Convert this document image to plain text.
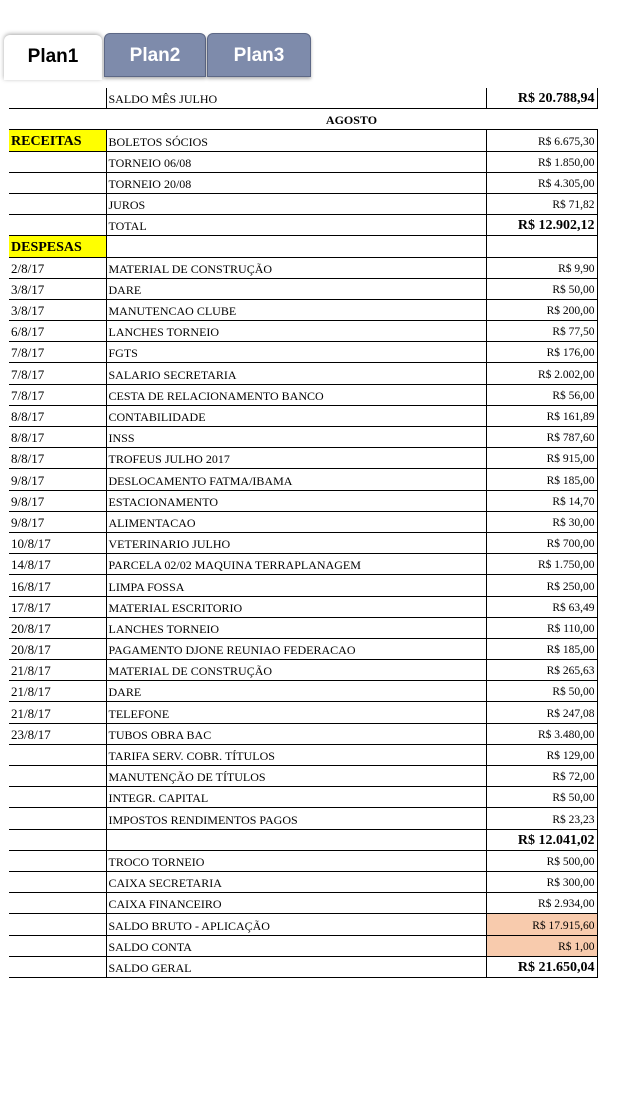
Plan1	Plan2	Plan3
	SALDO MÊS JULHO	R$ 20.788,94
	AGOSTO	
RECEITAS	BOLETOS SÓCIOS	R$ 6.675,30
	TORNEIO 06/08	R$ 1.850,00
	TORNEIO 20/08	R$ 4.305,00
	JUROS	R$ 71,82
	TOTAL	R$ 12.902,12
DESPESAS		
2/8/17	MATERIAL DE CONSTRUÇÃO	R$ 9,90
3/8/17	DARE	R$ 50,00
3/8/17	MANUTENCAO CLUBE	R$ 200,00
6/8/17	LANCHES TORNEIO	R$ 77,50
7/8/17	FGTS	R$ 176,00
7/8/17	SALARIO SECRETARIA	R$ 2.002,00
7/8/17	CESTA DE RELACIONAMENTO BANCO	R$ 56,00
8/8/17	CONTABILIDADE	R$ 161,89
8/8/17	INSS	R$ 787,60
8/8/17	TROFEUS JULHO 2017	R$ 915,00
9/8/17	DESLOCAMENTO FATMA/IBAMA	R$ 185,00
9/8/17	ESTACIONAMENTO	R$ 14,70
9/8/17	ALIMENTACAO	R$ 30,00
10/8/17	VETERINARIO JULHO	R$ 700,00
14/8/17	PARCELA 02/02 MAQUINA TERRAPLANAGEM	R$ 1.750,00
16/8/17	LIMPA FOSSA	R$ 250,00
17/8/17	MATERIAL ESCRITORIO	R$ 63,49
20/8/17	LANCHES TORNEIO	R$ 110,00
20/8/17	PAGAMENTO DJONE REUNIAO FEDERACAO	R$ 185,00
21/8/17	MATERIAL DE CONSTRUÇÃO	R$ 265,63
21/8/17	DARE	R$ 50,00
21/8/17	TELEFONE	R$ 247,08
23/8/17	TUBOS OBRA BAC	R$ 3.480,00
	TARIFA SERV. COBR. TÍTULOS	R$ 129,00
	MANUTENÇÃO DE TÍTULOS	R$ 72,00
	INTEGR. CAPITAL	R$ 50,00
	IMPOSTOS RENDIMENTOS PAGOS	R$ 23,23
		R$ 12.041,02
	TROCO TORNEIO	R$ 500,00
	CAIXA SECRETARIA	R$ 300,00
	CAIXA FINANCEIRO	R$ 2.934,00
	SALDO BRUTO - APLICAÇÃO	R$ 17.915,60
	SALDO CONTA	R$ 1,00
	SALDO GERAL	R$ 21.650,04
